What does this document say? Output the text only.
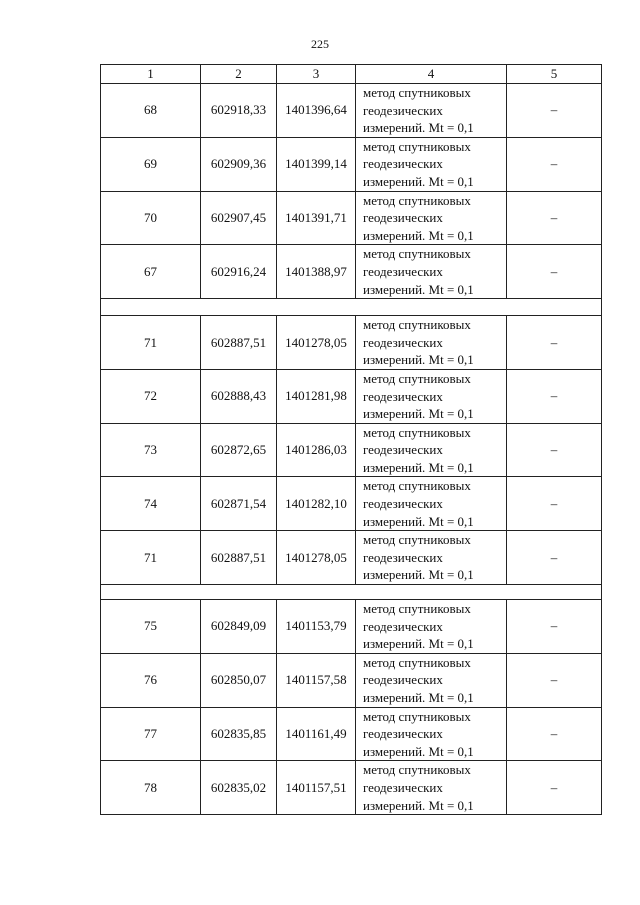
225
1	2	3	4	5
68	602918,33	1401396,64	метод спутниковых
геодезических
измерений. Mt = 0,1	–
69	602909,36	1401399,14	метод спутниковых
геодезических
измерений. Mt = 0,1	–
70	602907,45	1401391,71	метод спутниковых
геодезических
измерений. Mt = 0,1	–
67	602916,24	1401388,97	метод спутниковых
геодезических
измерений. Mt = 0,1	–

71	602887,51	1401278,05	метод спутниковых
геодезических
измерений. Mt = 0,1	–
72	602888,43	1401281,98	метод спутниковых
геодезических
измерений. Mt = 0,1	–
73	602872,65	1401286,03	метод спутниковых
геодезических
измерений. Mt = 0,1	–
74	602871,54	1401282,10	метод спутниковых
геодезических
измерений. Mt = 0,1	–
71	602887,51	1401278,05	метод спутниковых
геодезических
измерений. Mt = 0,1	–

75	602849,09	1401153,79	метод спутниковых
геодезических
измерений. Mt = 0,1	–
76	602850,07	1401157,58	метод спутниковых
геодезических
измерений. Mt = 0,1	–
77	602835,85	1401161,49	метод спутниковых
геодезических
измерений. Mt = 0,1	–
78	602835,02	1401157,51	метод спутниковых
геодезических
измерений. Mt = 0,1	–
